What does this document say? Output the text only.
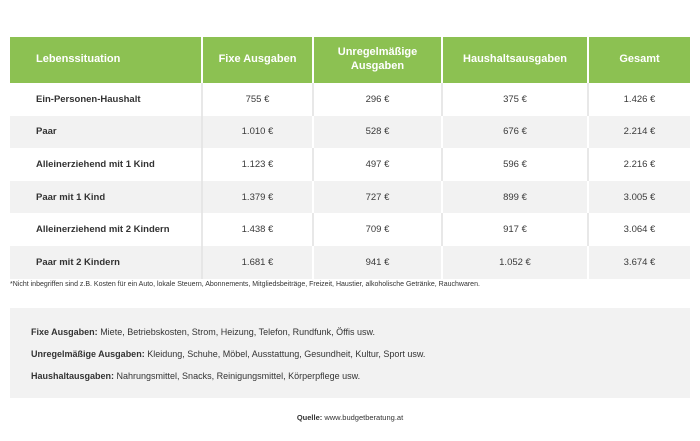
Lebenssituation	Fixe Ausgaben	Unregelmäßige Ausgaben	Haushaltsausgaben	Gesamt
Ein-Personen-Haushalt	755 €	296 €	375 €	1.426 €
Paar	1.010 €	528 €	676 €	2.214 €
Alleinerziehend mit 1 Kind	1.123 €	497 €	596 €	2.216 €
Paar mit 1 Kind	1.379 €	727 €	899 €	3.005 €
Alleinerziehend mit 2 Kindern	1.438 €	709 €	917 €	3.064 €
Paar mit 2 Kindern	1.681 €	941 €	1.052 €	3.674 €
*Nicht inbegriffen sind z.B. Kosten für ein Auto, lokale Steuern, Abonnements, Mitgliedsbeiträge, Freizeit, Haustier, alkoholische Getränke, Rauchwaren.
Fixe Ausgaben: Miete, Betriebskosten, Strom, Heizung, Telefon, Rundfunk, Öffis usw.
Unregelmäßige Ausgaben: Kleidung, Schuhe, Möbel, Ausstattung, Gesundheit, Kultur, Sport usw.
Haushaltausgaben: Nahrungsmittel, Snacks, Reinigungsmittel, Körperpflege usw.
Quelle: www.budgetberatung.at
